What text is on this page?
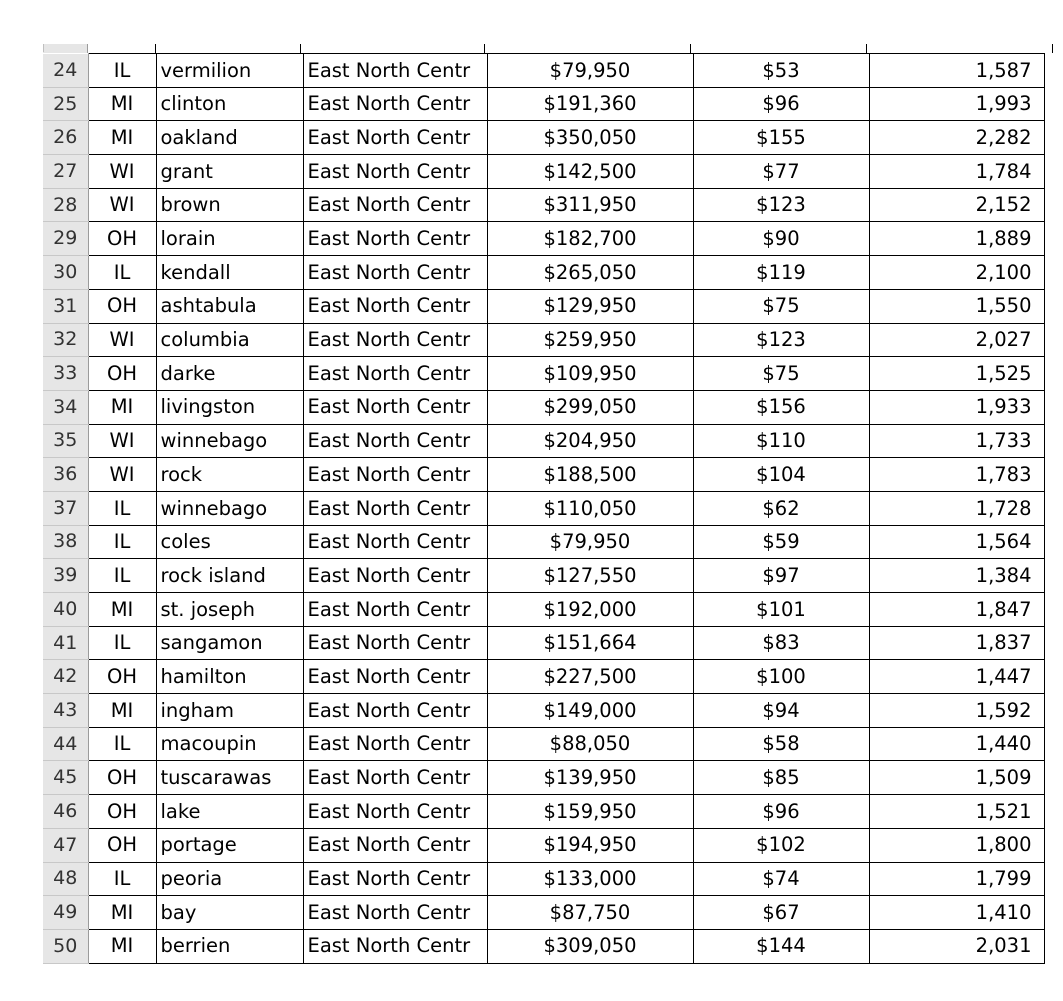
24	IL	vermilion	East North Centr	$79,950	$53	1,587
25	MI	clinton	East North Centr	$191,360	$96	1,993
26	MI	oakland	East North Centr	$350,050	$155	2,282
27	WI	grant	East North Centr	$142,500	$77	1,784
28	WI	brown	East North Centr	$311,950	$123	2,152
29	OH	lorain	East North Centr	$182,700	$90	1,889
30	IL	kendall	East North Centr	$265,050	$119	2,100
31	OH	ashtabula	East North Centr	$129,950	$75	1,550
32	WI	columbia	East North Centr	$259,950	$123	2,027
33	OH	darke	East North Centr	$109,950	$75	1,525
34	MI	livingston	East North Centr	$299,050	$156	1,933
35	WI	winnebago	East North Centr	$204,950	$110	1,733
36	WI	rock	East North Centr	$188,500	$104	1,783
37	IL	winnebago	East North Centr	$110,050	$62	1,728
38	IL	coles	East North Centr	$79,950	$59	1,564
39	IL	rock island	East North Centr	$127,550	$97	1,384
40	MI	st. joseph	East North Centr	$192,000	$101	1,847
41	IL	sangamon	East North Centr	$151,664	$83	1,837
42	OH	hamilton	East North Centr	$227,500	$100	1,447
43	MI	ingham	East North Centr	$149,000	$94	1,592
44	IL	macoupin	East North Centr	$88,050	$58	1,440
45	OH	tuscarawas	East North Centr	$139,950	$85	1,509
46	OH	lake	East North Centr	$159,950	$96	1,521
47	OH	portage	East North Centr	$194,950	$102	1,800
48	IL	peoria	East North Centr	$133,000	$74	1,799
49	MI	bay	East North Centr	$87,750	$67	1,410
50	MI	berrien	East North Centr	$309,050	$144	2,031
